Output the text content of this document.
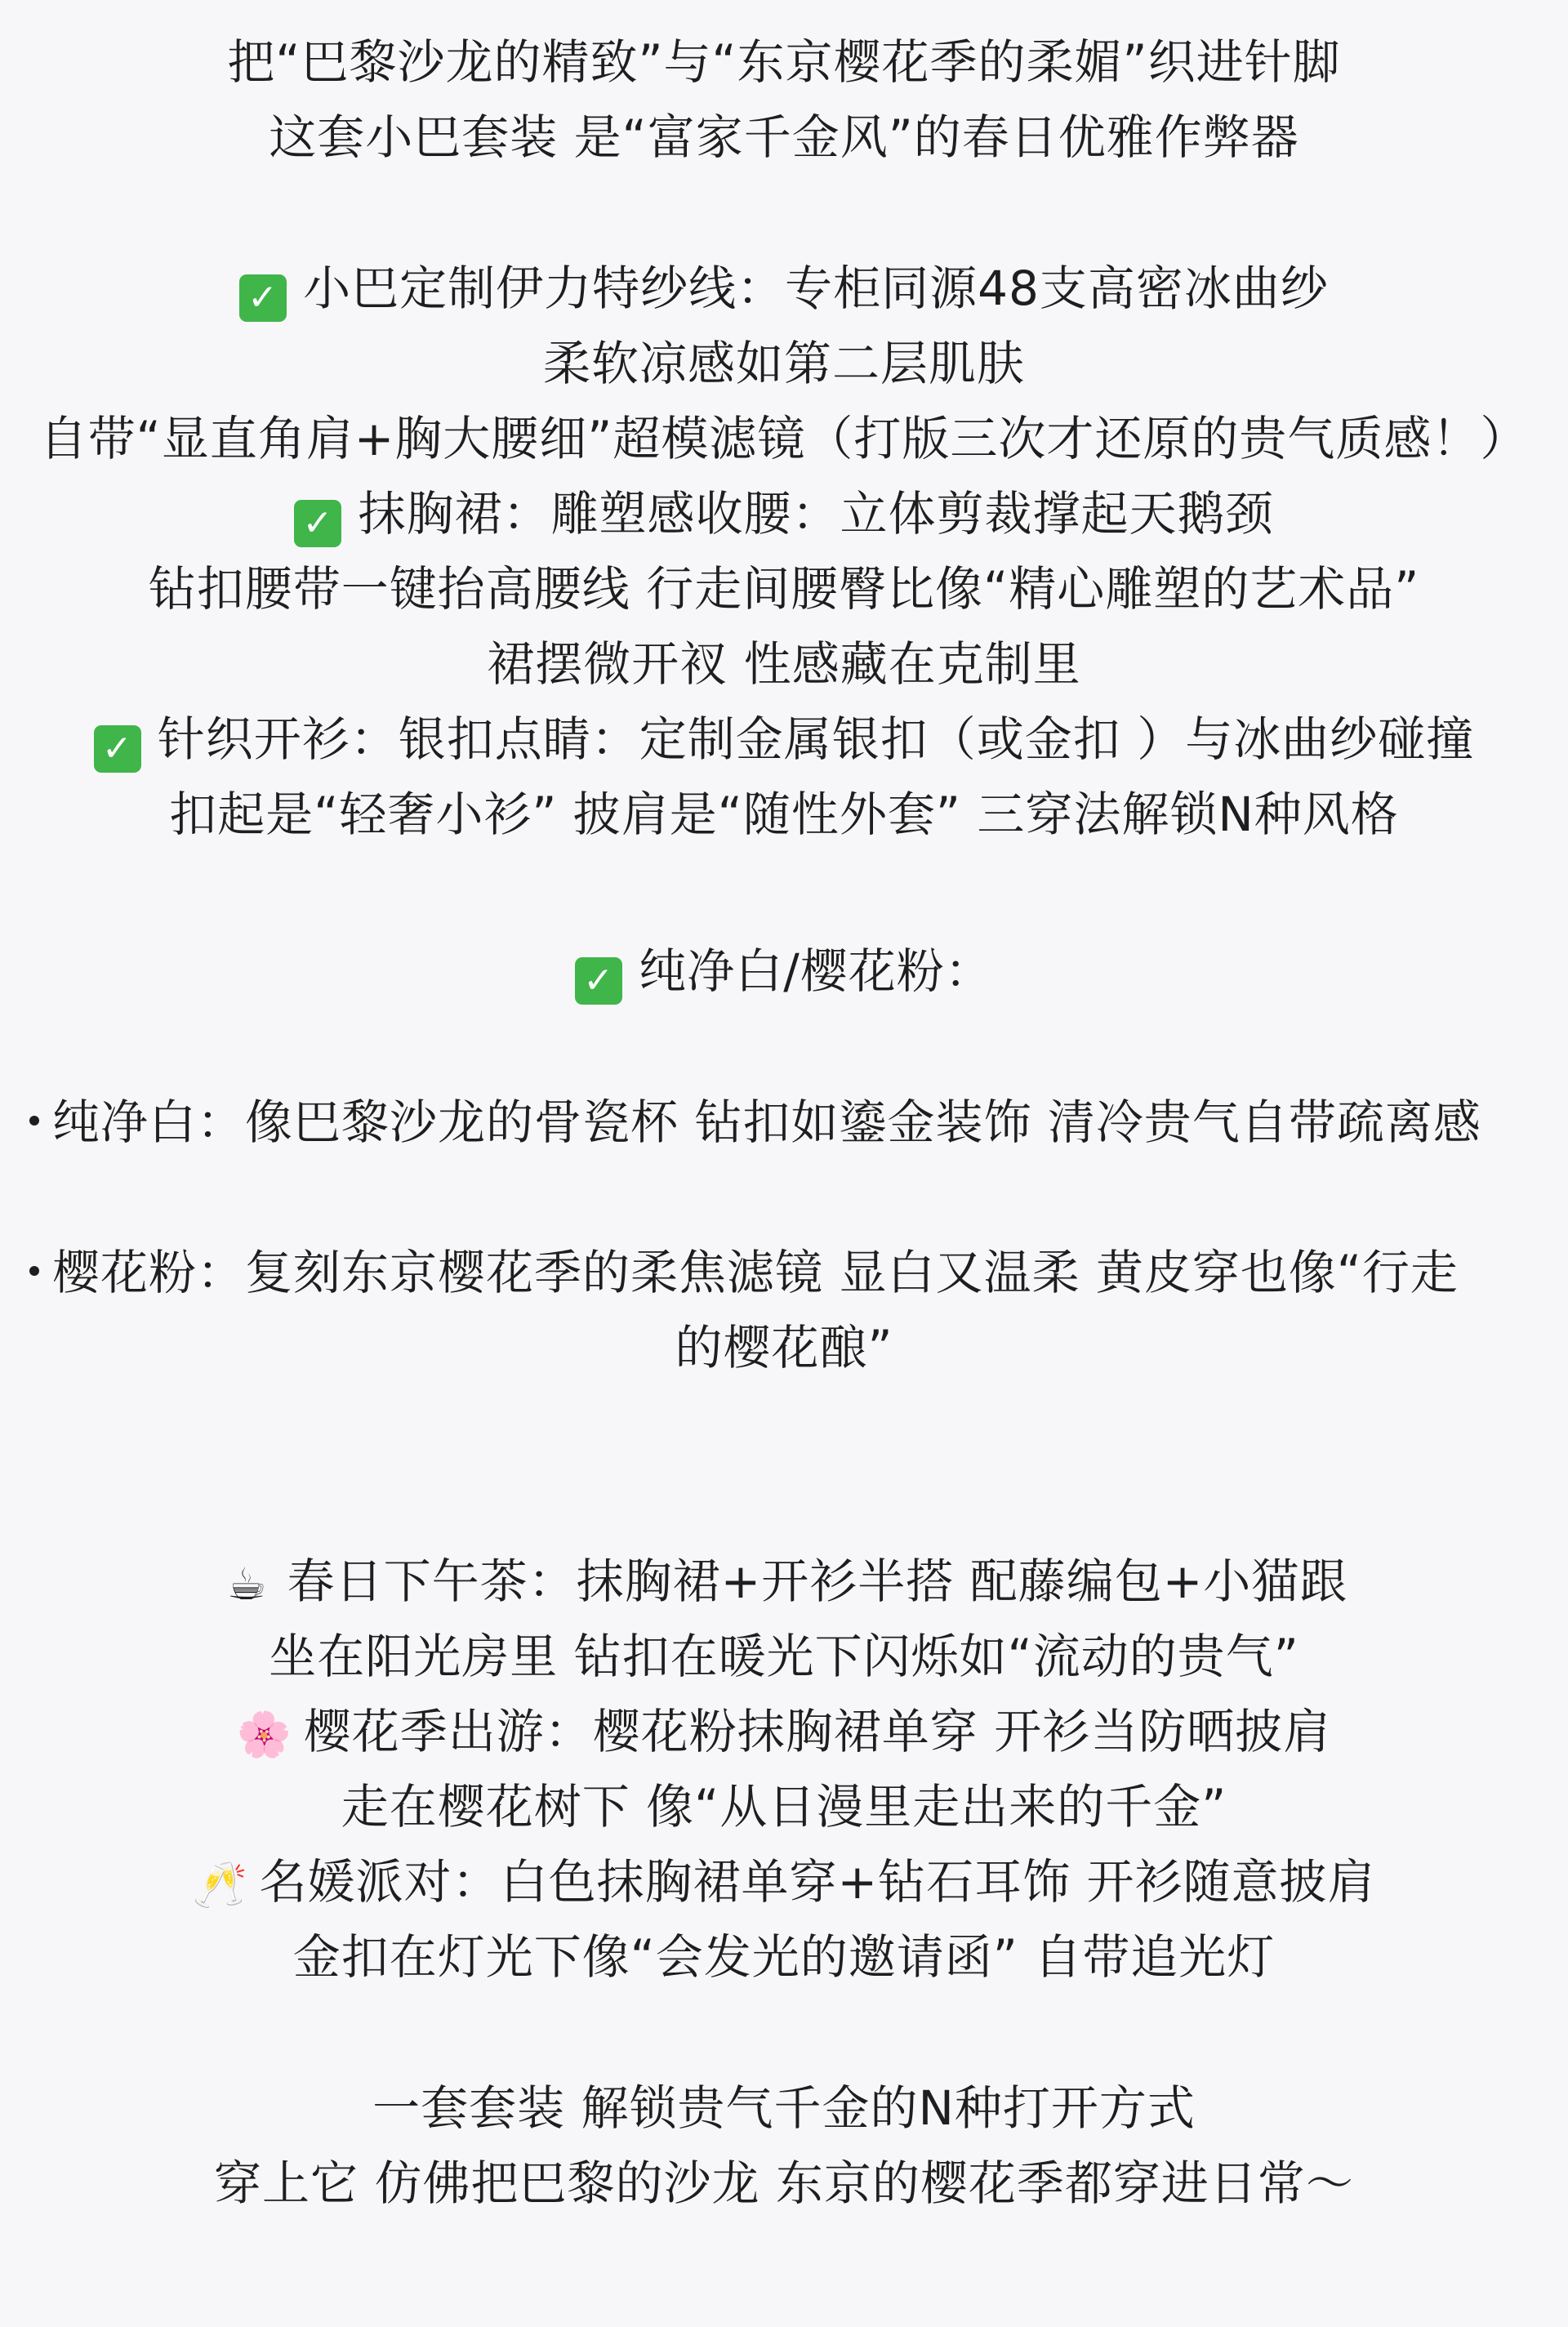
把“巴黎沙龙的精致”与“东京樱花季的柔媚”织进针脚
这套小巴套装 是“富家千金风”的春日优雅作弊器
✓ 小巴定制伊力特纱线：专柜同源48支高密冰曲纱
柔软凉感如第二层肌肤
自带“显直角肩+胸大腰细”超模滤镜（打版三次才还原的贵气质感！）
✓ 抹胸裙：雕塑感收腰：立体剪裁撑起天鹅颈
钻扣腰带一键抬高腰线 行走间腰臀比像“精心雕塑的艺术品”
裙摆微开衩 性感藏在克制里
✓ 针织开衫：银扣点睛：定制金属银扣（或金扣 ）与冰曲纱碰撞
扣起是“轻奢小衫” 披肩是“随性外套” 三穿法解锁N种风格
✓ 纯净白/樱花粉：
纯净白：像巴黎沙龙的骨瓷杯 钻扣如鎏金装饰 清冷贵气自带疏离感
樱花粉：复刻东京樱花季的柔焦滤镜 显白又温柔 黄皮穿也像“行走
的樱花酿”
☕ 春日下午茶：抹胸裙+开衫半搭 配藤编包+小猫跟
坐在阳光房里 钻扣在暖光下闪烁如“流动的贵气”
🌸 樱花季出游：樱花粉抹胸裙单穿 开衫当防晒披肩
走在樱花树下 像“从日漫里走出来的千金”
🥂 名媛派对：白色抹胸裙单穿+钻石耳饰 开衫随意披肩
金扣在灯光下像“会发光的邀请函” 自带追光灯
一套套装 解锁贵气千金的N种打开方式
穿上它 仿佛把巴黎的沙龙 东京的樱花季都穿进日常～
